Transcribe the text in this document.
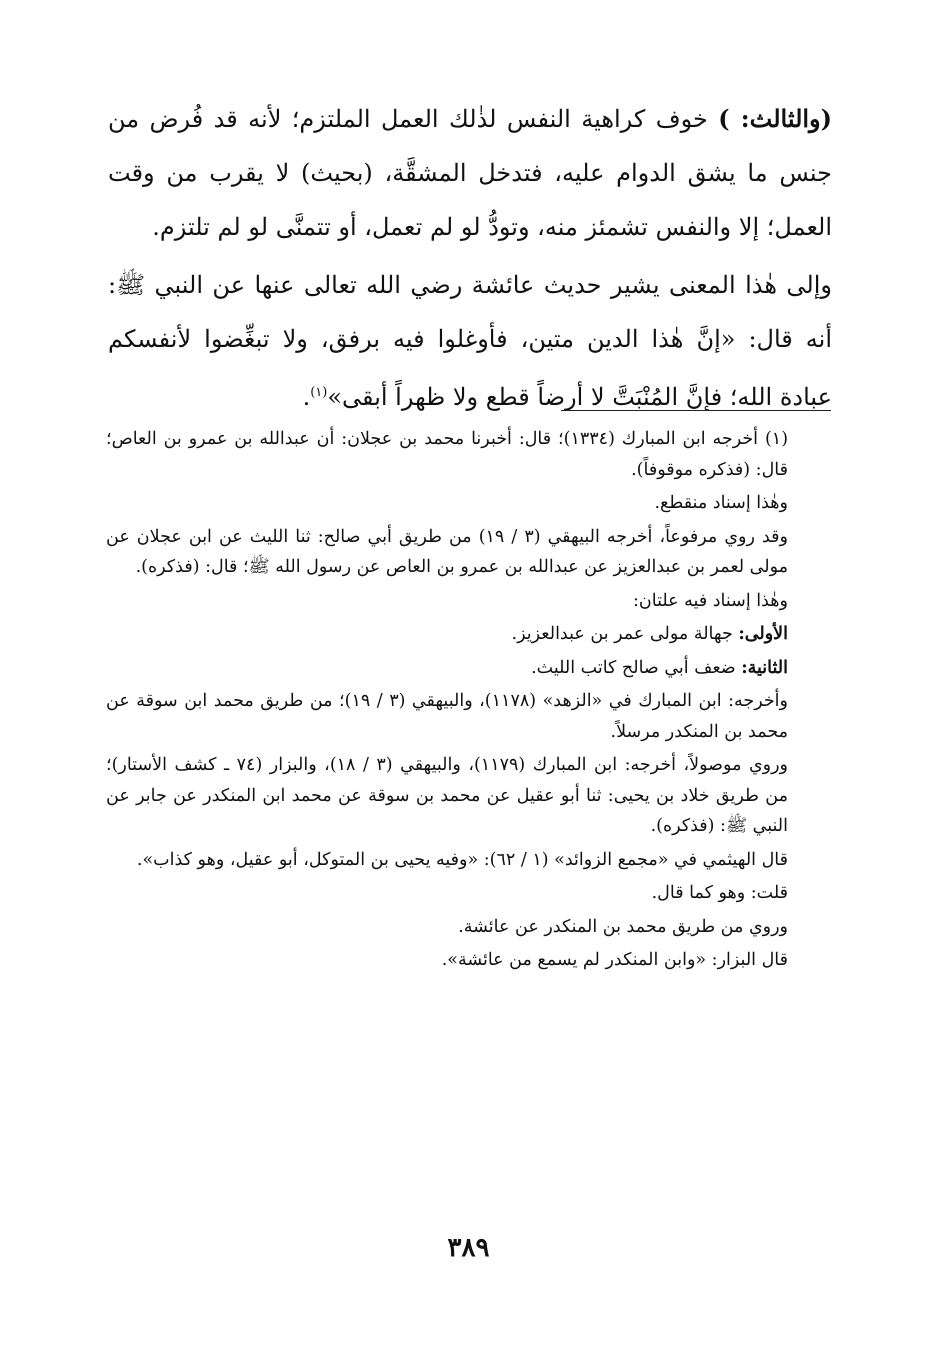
(والثالث: ) خوف كراهية النفس لذٰلك العمل الملتزم؛ لأنه قد فُرض من جنس ما يشق الدوام عليه، فتدخل المشقَّة، (بحيث) لا يقرب من وقت العمل؛ إلا والنفس تشمئز منه، وتودُّ لو لم تعمل، أو تتمنَّى لو لم تلتزم.

وإلى هٰذا المعنى يشير حديث عائشة رضي الله تعالى عنها عن النبي ﷺ: أنه قال: «إنَّ هٰذا الدين متين، فأوغلوا فيه برفق، ولا تبغِّضوا لأنفسكم عبادة الله؛ فإنَّ المُنْبَتَّ لا أرضاً قطع ولا ظهراً أبقى»$^{(١)}$.

(١) أخرجه ابن المبارك (١٣٣٤)؛ قال: أخبرنا محمد بن عجلان: أن عبدالله بن عمرو بن العاص؛ قال: (فذكره موقوفاً).

وهٰذا إسناد منقطع.

وقد روي مرفوعاً، أخرجه البيهقي (٣ / ١٩) من طريق أبي صالح: ثنا الليث عن ابن عجلان عن مولى لعمر بن عبدالعزيز عن عبدالله بن عمرو بن العاص عن رسول الله ﷺ؛ قال: (فذكره).

وهٰذا إسناد فيه علتان:

الأولى: جهالة مولى عمر بن عبدالعزيز.

الثانية: ضعف أبي صالح كاتب الليث.

وأخرجه: ابن المبارك في «الزهد» (١١٧٨)، والبيهقي (٣ / ١٩)؛ من طريق محمد ابن سوقة عن محمد بن المنكدر مرسلاً.

وروي موصولاً، أخرجه: ابن المبارك (١١٧٩)، والبيهقي (٣ / ١٨)، والبزار (٧٤ ـ كشف الأستار)؛ من طريق خلاد بن يحيى: ثنا أبو عقيل عن محمد بن سوقة عن محمد ابن المنكدر عن جابر عن النبي ﷺ: (فذكره).

قال الهيثمي في «مجمع الزوائد» (١ / ٦٢): «وفيه يحيى بن المتوكل، أبو عقيل، وهو كذاب».

قلت: وهو كما قال.

وروي من طريق محمد بن المنكدر عن عائشة.

قال البزار: «وابن المنكدر لم يسمع من عائشة».

٣٨٩
